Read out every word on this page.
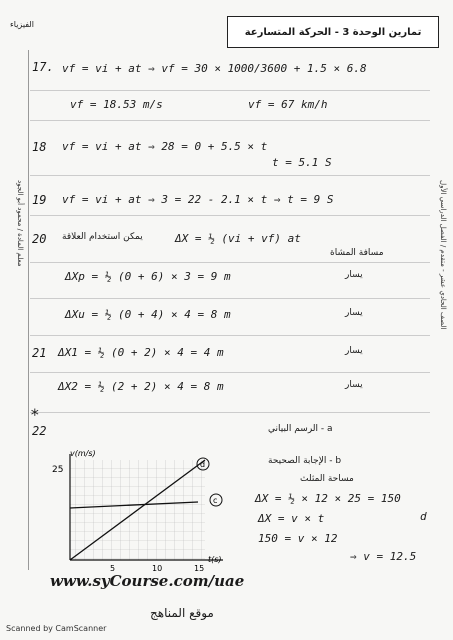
الفيزياء
تمارين الوحدة 3 - الحركة المتسارعة
الصف الحادي عشر - متقدم / الفصل الدراسي الأول
معلم المادة / محمود أبو الجود
17. vf = vi + at ⇒ vf = 30 × 1000/3600 + 1.5 × 6.8
vf = 18.53 m/s	vf = 67 km/h
18 vf = vi + at ⇒ 28 = 0 + 5.5 × t
t = 5.1 S
19 vf = vi + at ⇒ 3 = 22 - 2.1 × t ⇒ t = 9 S
20 يمكن استخدام العلاقة	ΔX = ½ (vi + vf) at
مسافة المشاة
ΔXp = ½ (0 + 6) × 3 = 9 m	يسار
ΔXu = ½ (0 + 4) × 4 = 8 m	يسار
21 ΔX1 = ½ (0 + 2) × 4 = 4 m	يسار
ΔX2 = ½ (2 + 2) × 4 = 8 m	يسار
*
22	a - الرسم البياني
b - الإجابة الصحيحة
مساحة المثلث
ΔX = ½ × 12 × 25 = 150
d
ΔX = v × t
150 = v × 12
⇒ v = 12.5
v(m/s)
t(s)
25
5	10	15
d
c
www.syCourse.com/uae
موقع المناهج
Scanned by CamScanner
